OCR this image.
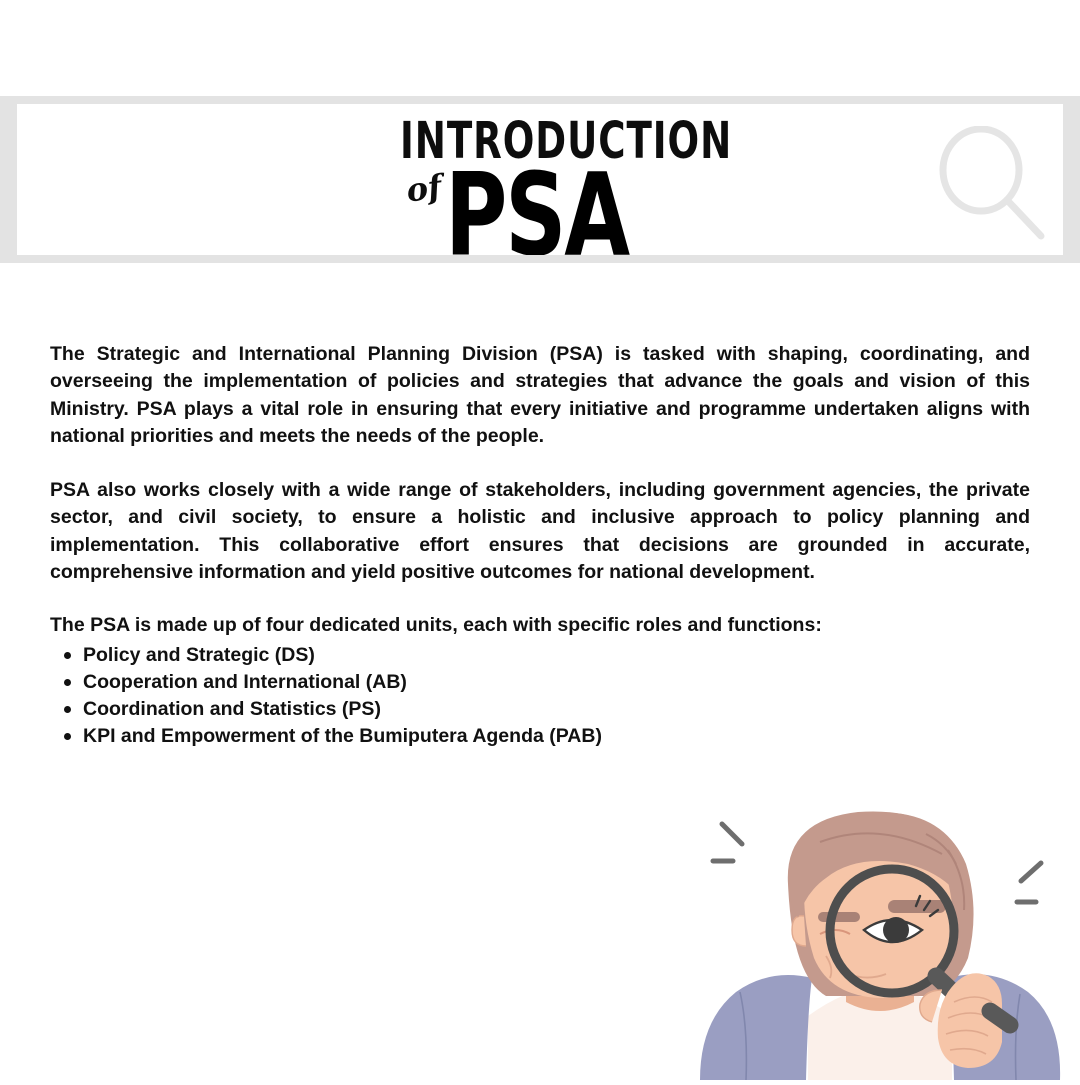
INTRODUCTION
of PSA

The Strategic and International Planning Division (PSA) is tasked with shaping, coordinating, and overseeing the implementation of policies and strategies that advance the goals and vision of this Ministry. PSA plays a vital role in ensuring that every initiative and programme undertaken aligns with national priorities and meets the needs of the people.

PSA also works closely with a wide range of stakeholders, including government agencies, the private sector, and civil society, to ensure a holistic and inclusive approach to policy planning and implementation. This collaborative effort ensures that decisions are grounded in accurate, comprehensive information and yield positive outcomes for national development.

The PSA is made up of four dedicated units, each with specific roles and functions:

Policy and Strategic (DS)
Cooperation and International (AB)
Coordination and Statistics (PS)
KPI and Empowerment of the Bumiputera Agenda (PAB)
